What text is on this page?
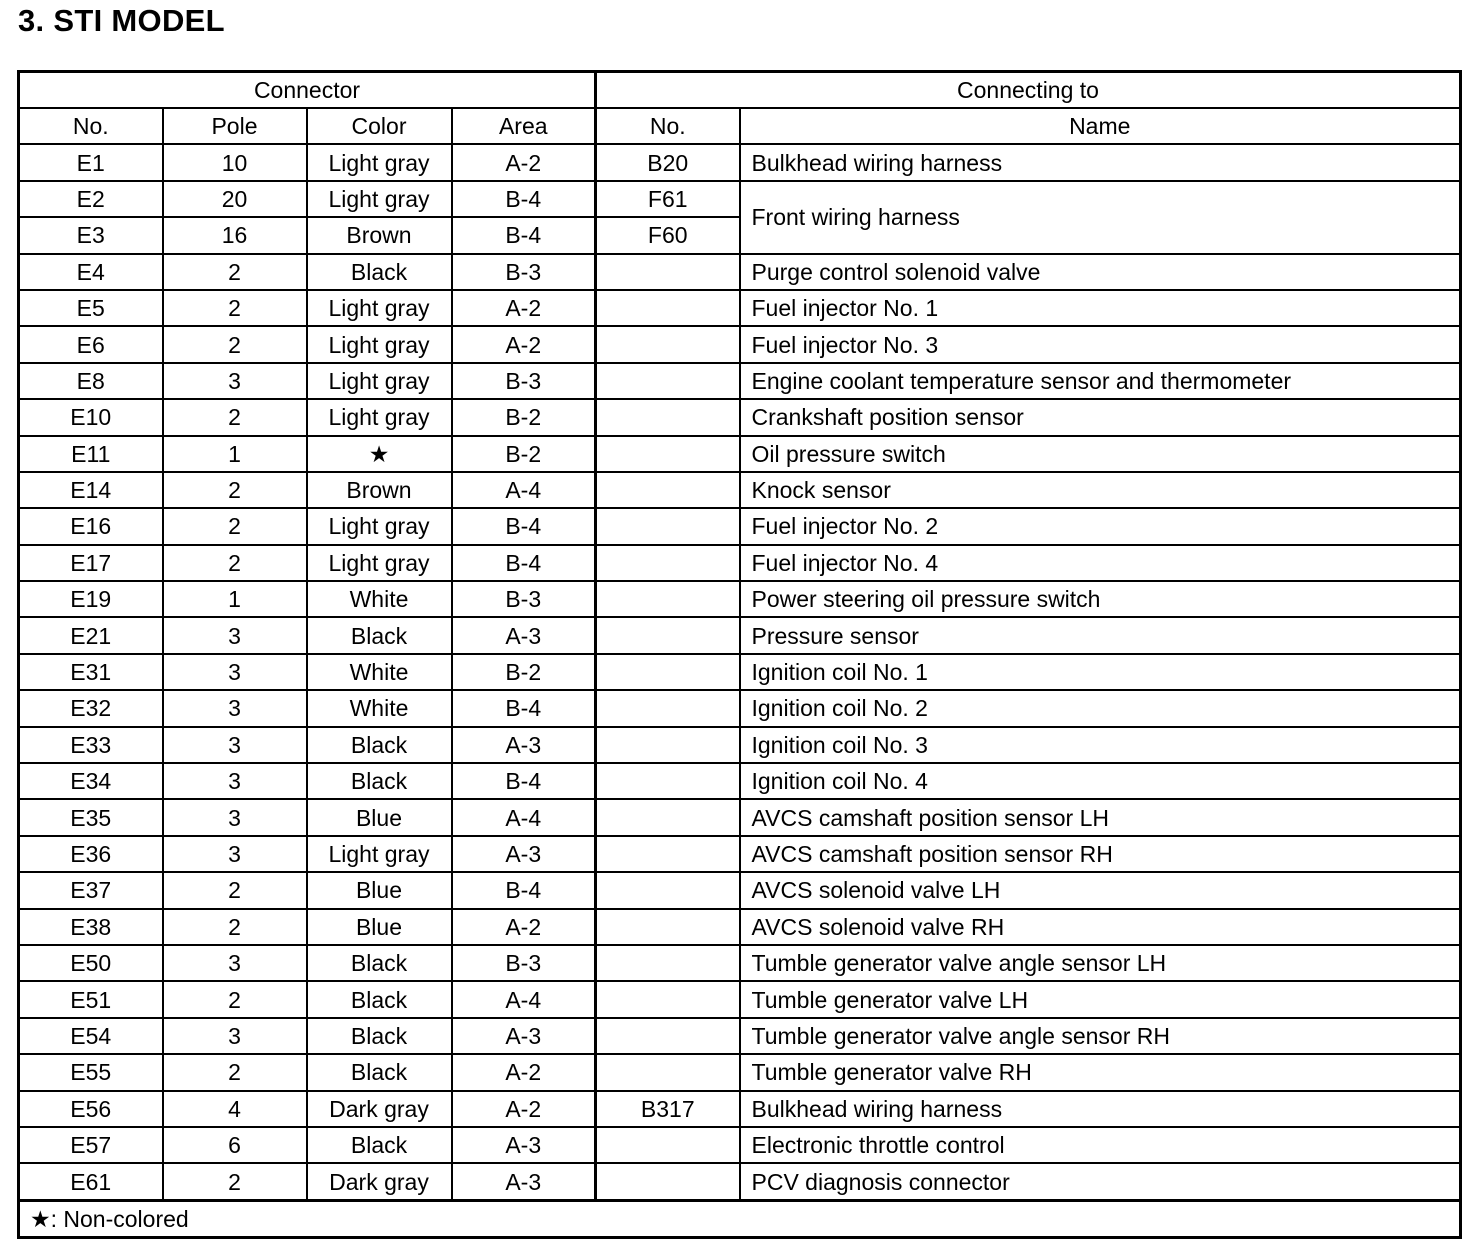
3. STI MODEL
Connector				Connecting to	
No.	Pole	Color	Area	No.	Name
E1	10	Light gray	A-2	B20	Bulkhead wiring harness
E2	20	Light gray	B-4	F61	Front wiring harness
E3	16	Brown	B-4	F60	
E4	2	Black	B-3		Purge control solenoid valve
E5	2	Light gray	A-2		Fuel injector No. 1
E6	2	Light gray	A-2		Fuel injector No. 3
E8	3	Light gray	B-3		Engine coolant temperature sensor and thermometer
E10	2	Light gray	B-2		Crankshaft position sensor
E11	1	★	B-2		Oil pressure switch
E14	2	Brown	A-4		Knock sensor
E16	2	Light gray	B-4		Fuel injector No. 2
E17	2	Light gray	B-4		Fuel injector No. 4
E19	1	White	B-3		Power steering oil pressure switch
E21	3	Black	A-3		Pressure sensor
E31	3	White	B-2		Ignition coil No. 1
E32	3	White	B-4		Ignition coil No. 2
E33	3	Black	A-3		Ignition coil No. 3
E34	3	Black	B-4		Ignition coil No. 4
E35	3	Blue	A-4		AVCS camshaft position sensor LH
E36	3	Light gray	A-3		AVCS camshaft position sensor RH
E37	2	Blue	B-4		AVCS solenoid valve LH
E38	2	Blue	A-2		AVCS solenoid valve RH
E50	3	Black	B-3		Tumble generator valve angle sensor LH
E51	2	Black	A-4		Tumble generator valve LH
E54	3	Black	A-3		Tumble generator valve angle sensor RH
E55	2	Black	A-2		Tumble generator valve RH
E56	4	Dark gray	A-2	B317	Bulkhead wiring harness
E57	6	Black	A-3		Electronic throttle control
E61	2	Dark gray	A-3		PCV diagnosis connector
★: Non-colored					
